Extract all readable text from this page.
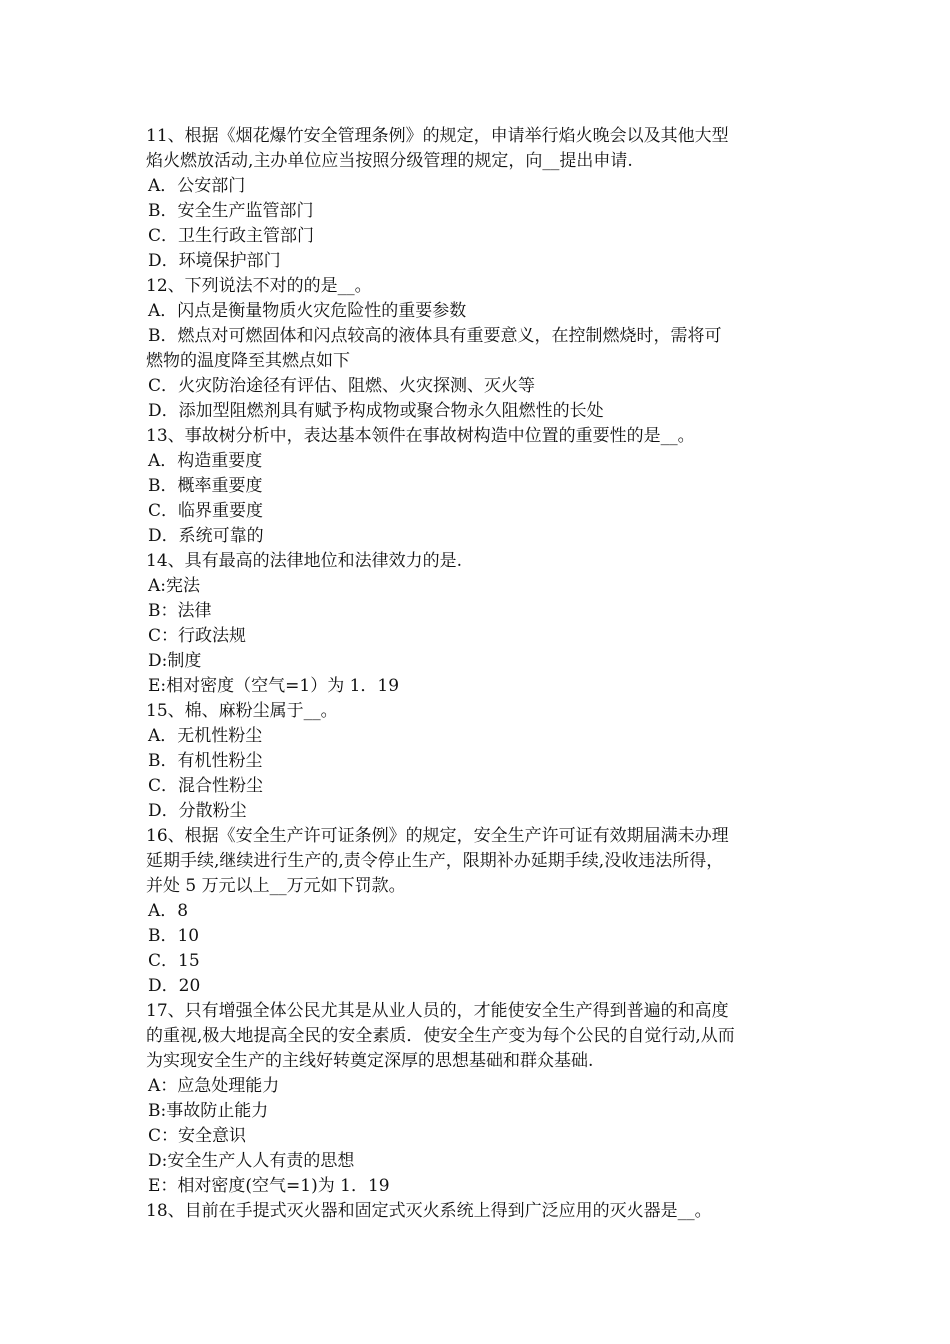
11、根据《烟花爆竹安全管理条例》的规定，申请举行焰火晚会以及其他大型
焰火燃放活动,主办单位应当按照分级管理的规定，向__提出申请.
A．公安部门
B．安全生产监管部门
C．卫生行政主管部门
D．环境保护部门
12、下列说法不对的的是__。
A．闪点是衡量物质火灾危险性的重要参数
B．燃点对可燃固体和闪点较高的液体具有重要意义，在控制燃烧时，需将可
燃物的温度降至其燃点如下
C．火灾防治途径有评估、阻燃、火灾探测、灭火等
D．添加型阻燃剂具有赋予构成物或聚合物永久阻燃性的长处
13、事故树分析中，表达基本领件在事故树构造中位置的重要性的是__。
A．构造重要度
B．概率重要度
C．临界重要度
D．系统可靠的
14、具有最高的法律地位和法律效力的是.
A:宪法
B：法律
C：行政法规
D:制度
E:相对密度（空气=1）为 1．19
15、棉、麻粉尘属于__。
A．无机性粉尘
B．有机性粉尘
C．混合性粉尘
D．分散粉尘
16、根据《安全生产许可证条例》的规定，安全生产许可证有效期届满未办理
延期手续,继续进行生产的,责令停止生产，限期补办延期手续,没收违法所得，
并处 5 万元以上__万元如下罚款。
A．8
B．10
C．15
D．20
17、只有增强全体公民尤其是从业人员的，才能使安全生产得到普遍的和高度
的重视,极大地提高全民的安全素质．使安全生产变为每个公民的自觉行动,从而
为实现安全生产的主线好转奠定深厚的思想基础和群众基础.
A：应急处理能力
B:事故防止能力
C：安全意识
D:安全生产人人有责的思想
E：相对密度(空气=1)为 1．19
18、目前在手提式灭火器和固定式灭火系统上得到广泛应用的灭火器是__。
